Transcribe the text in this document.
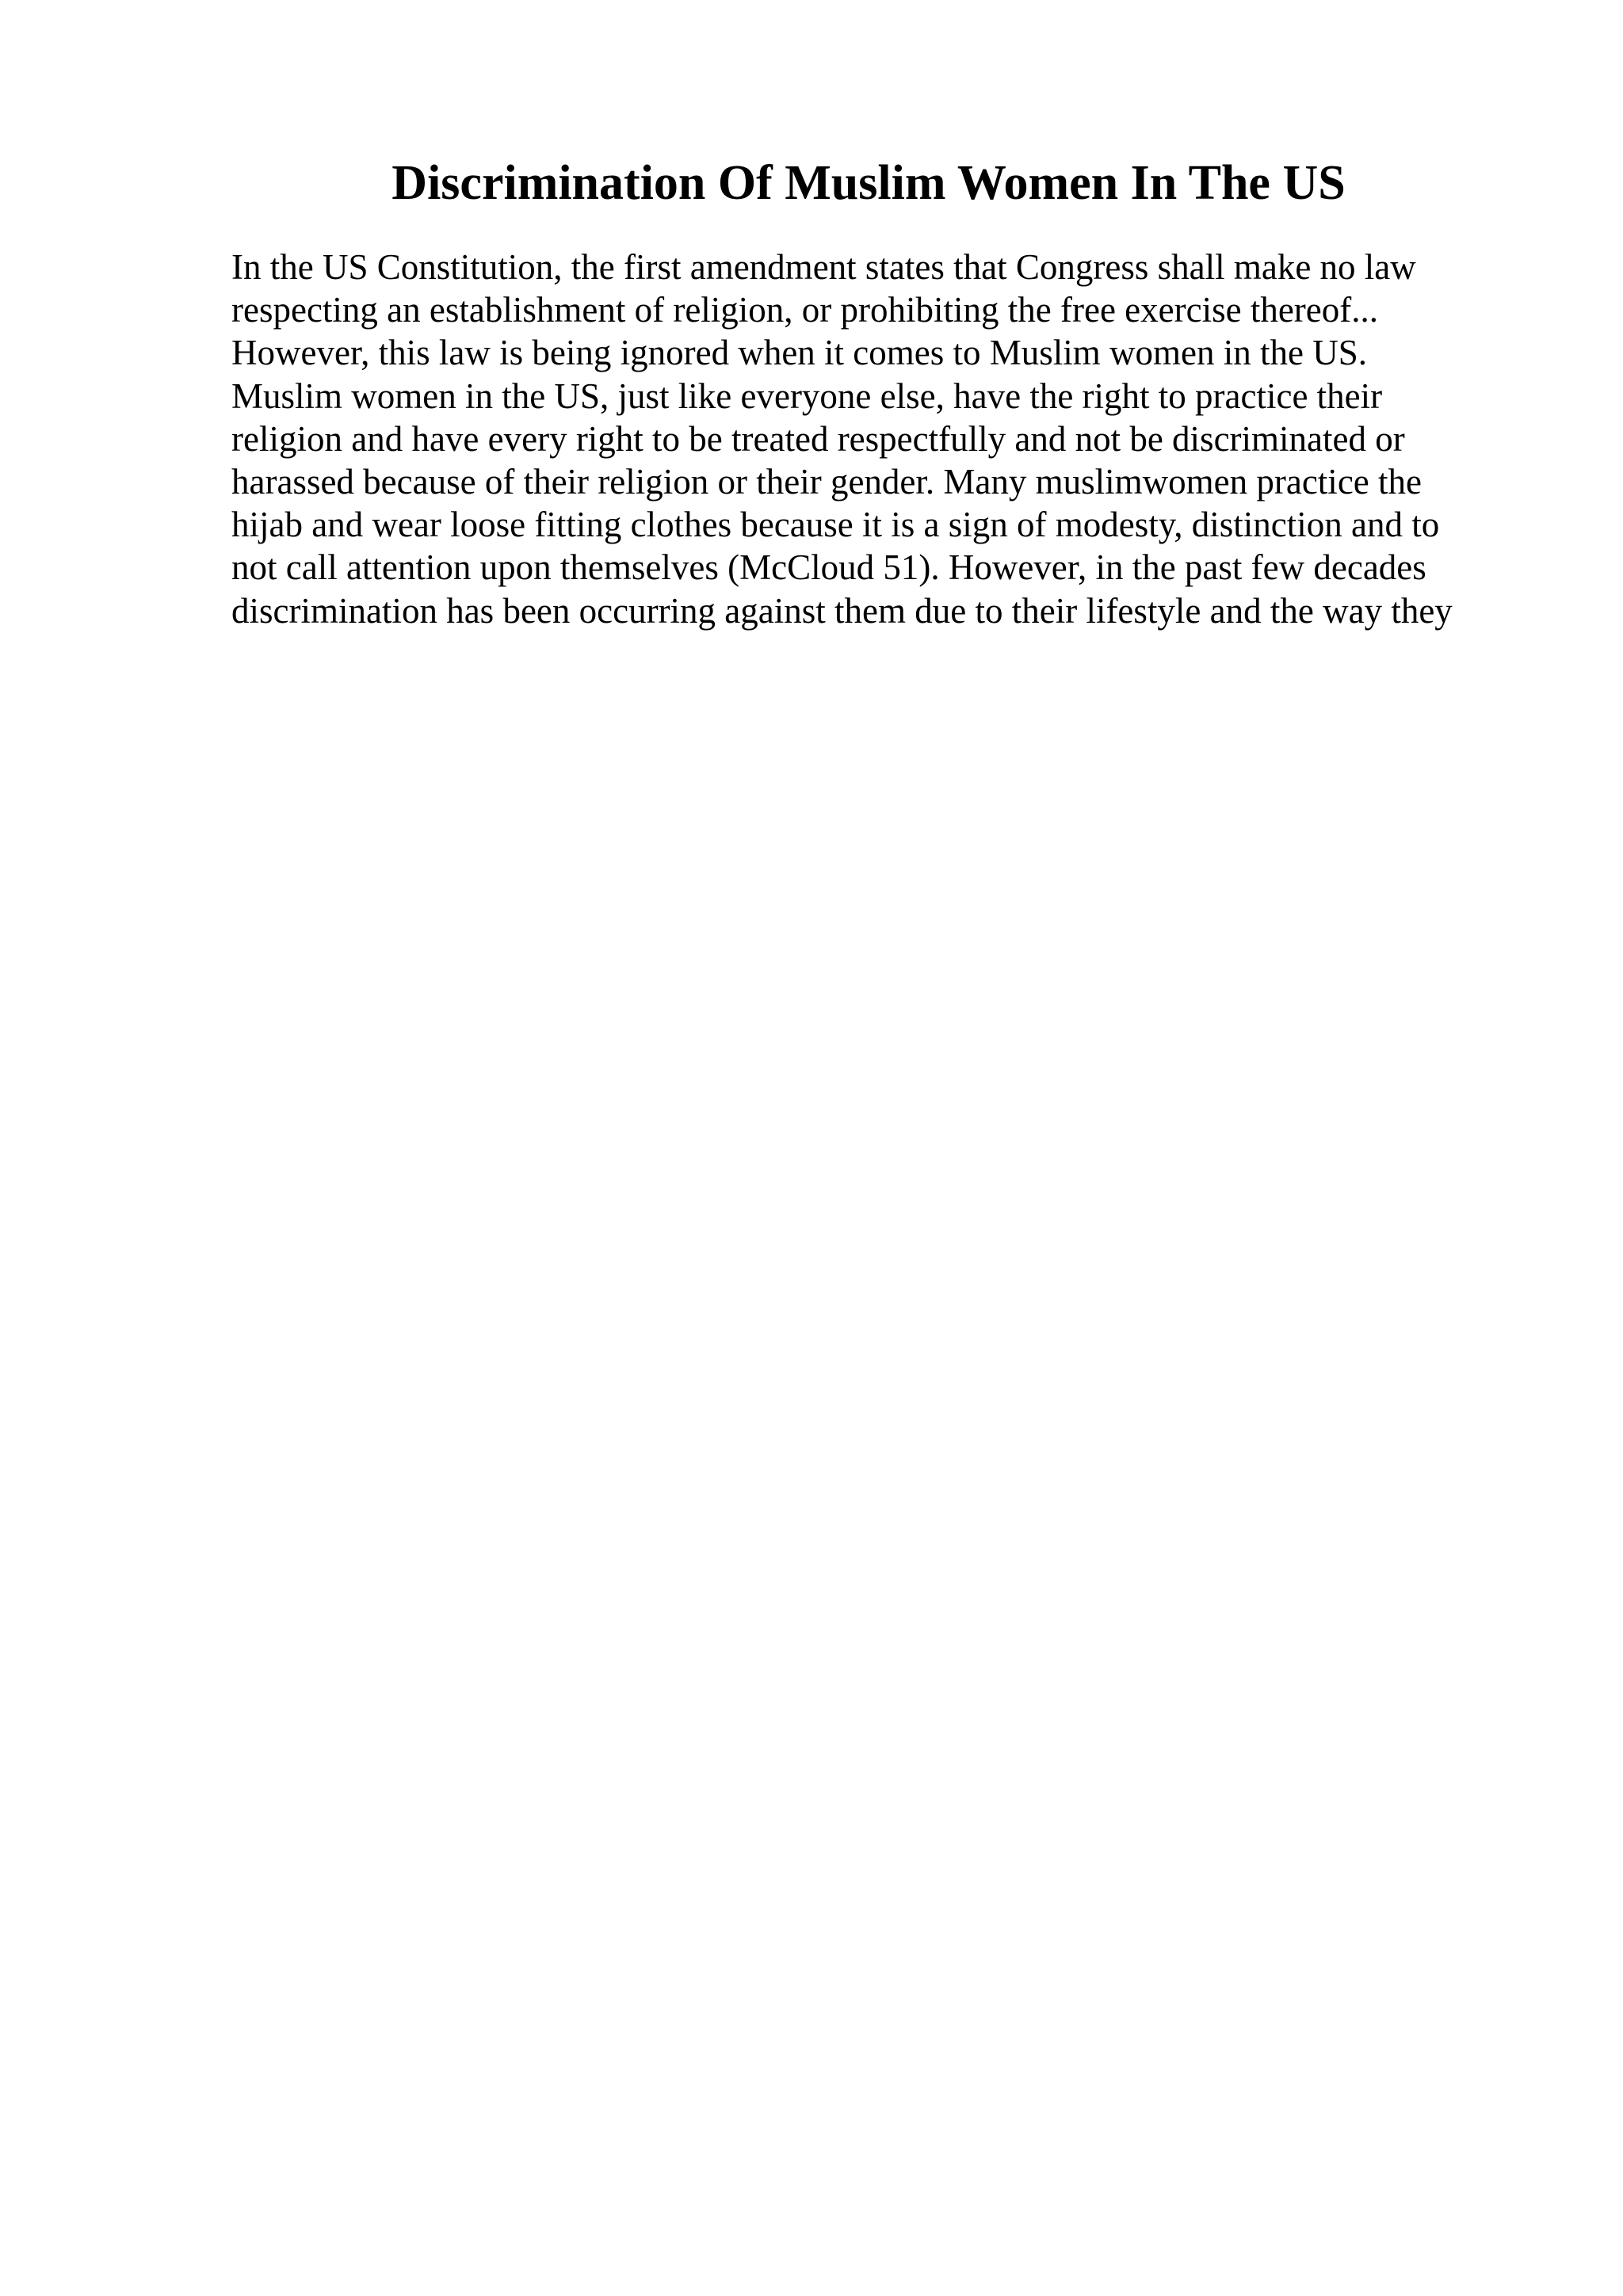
Discrimination Of Muslim Women In The US
In the US Constitution, the first amendment states that Congress shall make no law
respecting an establishment of religion, or prohibiting the free exercise thereof...
However, this law is being ignored when it comes to Muslim women in the US.
Muslim women in the US, just like everyone else, have the right to practice their
religion and have every right to be treated respectfully and not be discriminated or
harassed because of their religion or their gender. Many muslimwomen practice the
hijab and wear loose fitting clothes because it is a sign of modesty, distinction and to
not call attention upon themselves (McCloud 51). However, in the past few decades
discrimination has been occurring against them due to their lifestyle and the way they
